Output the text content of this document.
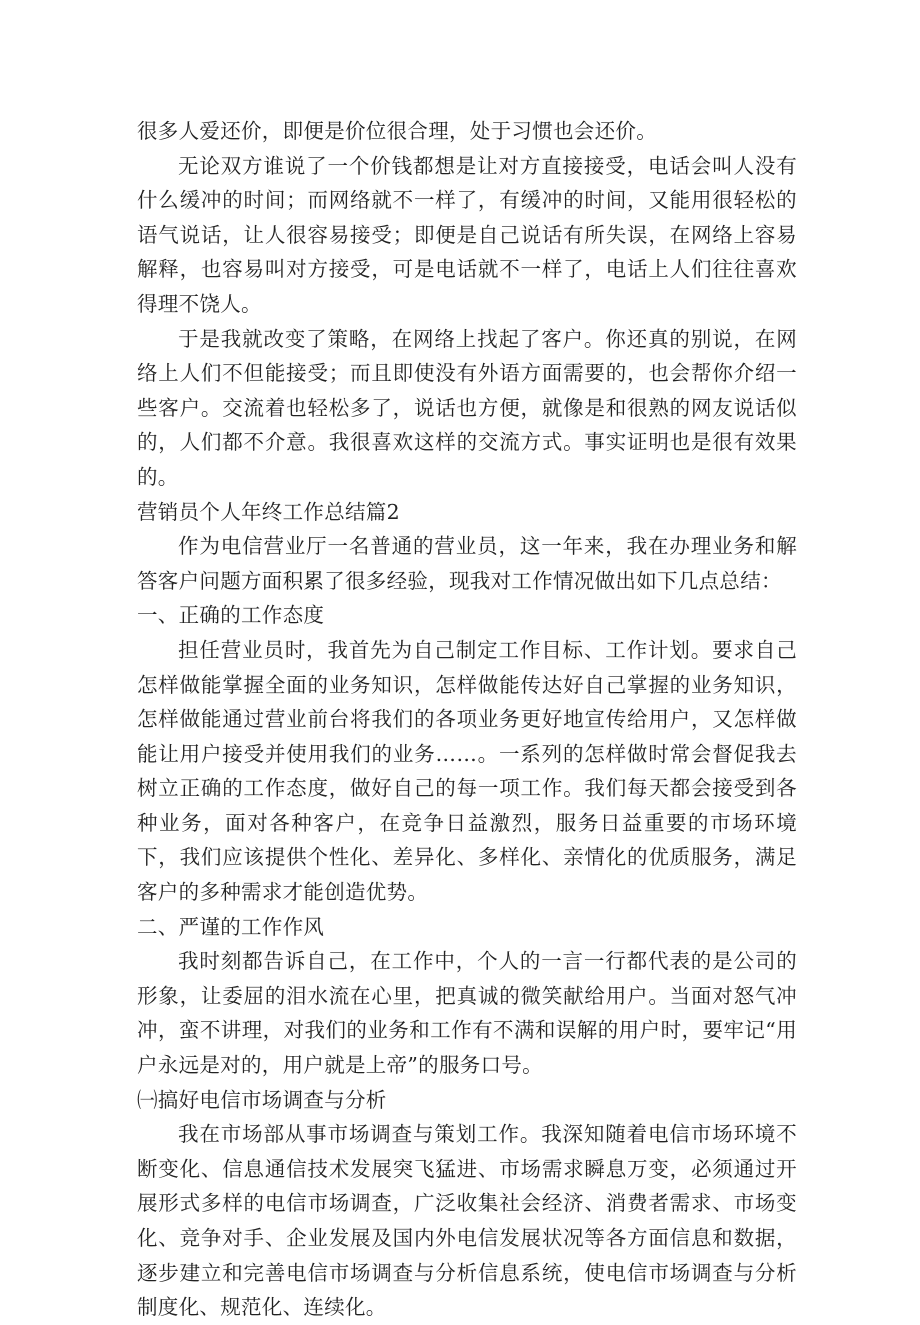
很多人爱还价，即便是价位很合理，处于习惯也会还价。

无论双方谁说了一个价钱都想是让对方直接接受，电话会叫人没有什么缓冲的时间；而网络就不一样了，有缓冲的时间，又能用很轻松的语气说话，让人很容易接受；即便是自己说话有所失误，在网络上容易解释，也容易叫对方接受，可是电话就不一样了，电话上人们往往喜欢得理不饶人。

于是我就改变了策略，在网络上找起了客户。你还真的别说，在网络上人们不但能接受；而且即使没有外语方面需要的，也会帮你介绍一些客户。交流着也轻松多了，说话也方便，就像是和很熟的网友说话似的，人们都不介意。我很喜欢这样的交流方式。事实证明也是很有效果的。

营销员个人年终工作总结篇2

作为电信营业厅一名普通的营业员，这一年来，我在办理业务和解答客户问题方面积累了很多经验，现我对工作情况做出如下几点总结：

一、正确的工作态度

担任营业员时，我首先为自己制定工作目标、工作计划。要求自己怎样做能掌握全面的业务知识，怎样做能传达好自己掌握的业务知识，怎样做能通过营业前台将我们的各项业务更好地宣传给用户，又怎样做能让用户接受并使用我们的业务……。一系列的怎样做时常会督促我去树立正确的工作态度，做好自己的每一项工作。我们每天都会接受到各种业务，面对各种客户，在竞争日益激烈，服务日益重要的市场环境下，我们应该提供个性化、差异化、多样化、亲情化的优质服务，满足客户的多种需求才能创造优势。

二、严谨的工作作风

我时刻都告诉自己，在工作中，个人的一言一行都代表的是公司的形象，让委屈的泪水流在心里，把真诚的微笑献给用户。当面对怒气冲冲，蛮不讲理，对我们的业务和工作有不满和误解的用户时，要牢记“用户永远是对的，用户就是上帝”的服务口号。

㈠搞好电信市场调查与分析

我在市场部从事市场调查与策划工作。我深知随着电信市场环境不断变化、信息通信技术发展突飞猛进、市场需求瞬息万变，必须通过开展形式多样的电信市场调查，广泛收集社会经济、消费者需求、市场变化、竞争对手、企业发展及国内外电信发展状况等各方面信息和数据，逐步建立和完善电信市场调查与分析信息系统，使电信市场调查与分析制度化、规范化、连续化。
